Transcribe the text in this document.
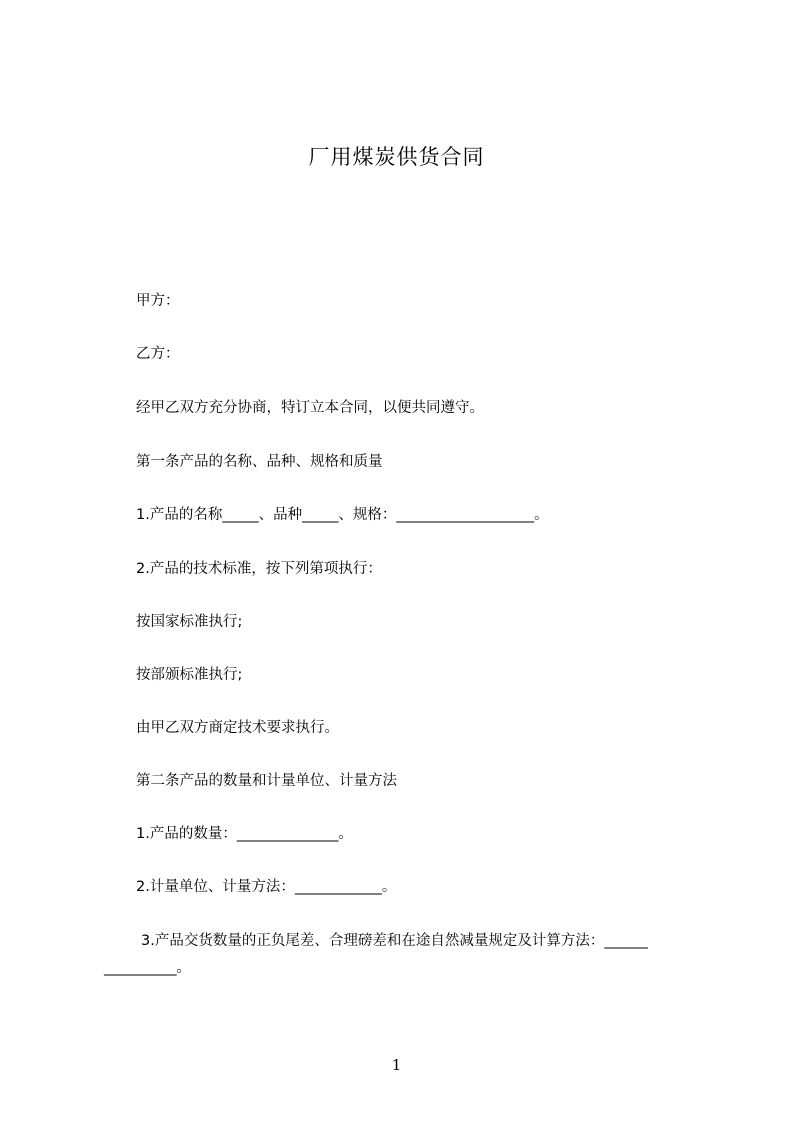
厂用煤炭供货合同
甲方：
乙方：
经甲乙双方充分协商，特订立本合同，以便共同遵守。
第一条产品的名称、品种、规格和质量
1.产品的名称_____、品种_____、规格：___________________。
2.产品的技术标准，按下列第项执行：
按国家标准执行;
按部颁标准执行;
由甲乙双方商定技术要求执行。
第二条产品的数量和计量单位、计量方法
1.产品的数量：______________。
2.计量单位、计量方法：____________。
3.产品交货数量的正负尾差、合理磅差和在途自然减量规定及计算方法：______
__________。
1
